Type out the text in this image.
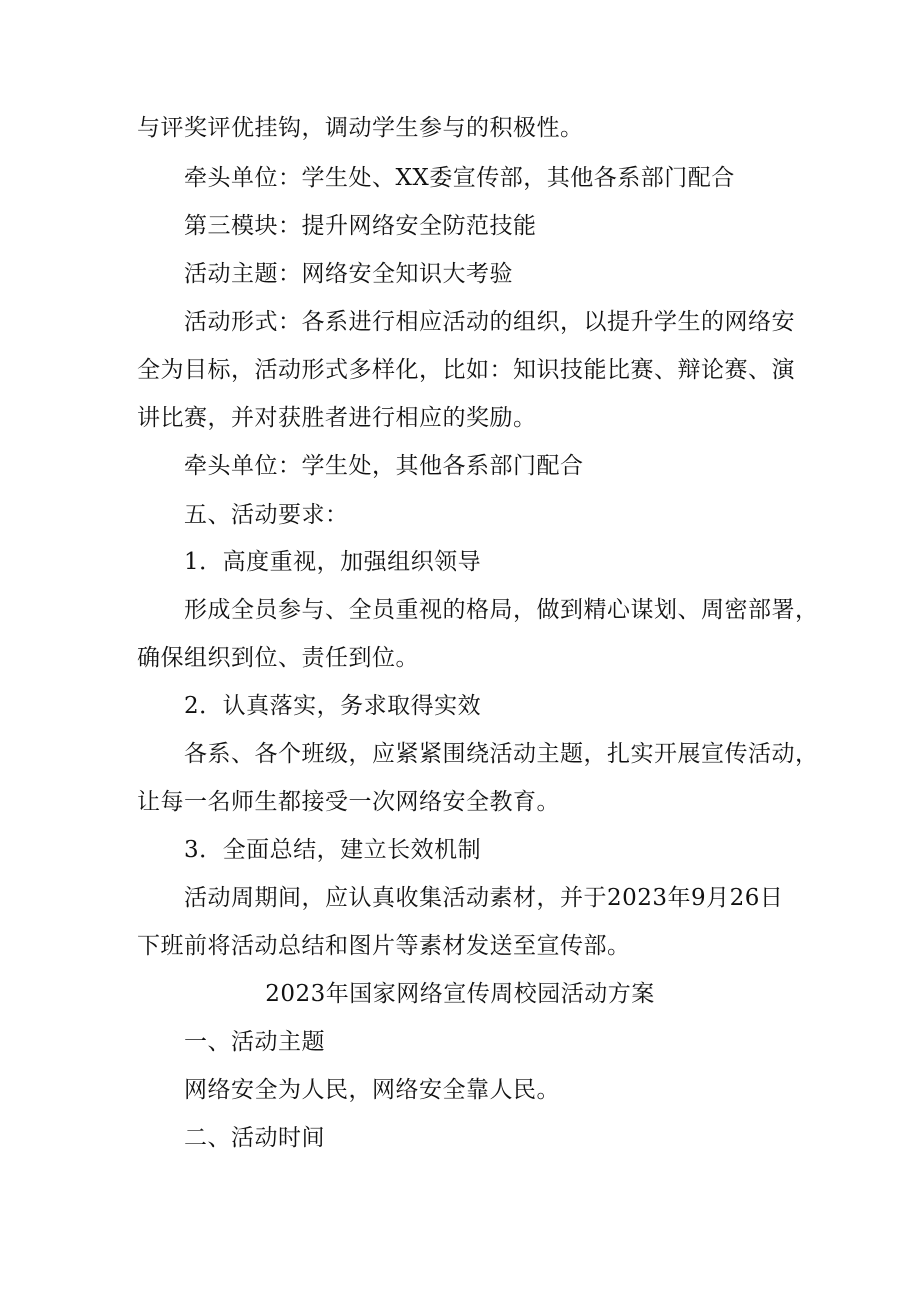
与评奖评优挂钩，调动学生参与的积极性。
牵头单位：学生处、XX委宣传部，其他各系部门配合
第三模块：提升网络安全防范技能
活动主题：网络安全知识大考验
活动形式：各系进行相应活动的组织，以提升学生的网络安
全为目标，活动形式多样化，比如：知识技能比赛、辩论赛、演
讲比赛，并对获胜者进行相应的奖励。
牵头单位：学生处，其他各系部门配合
五、活动要求：
1．高度重视，加强组织领导
形成全员参与、全员重视的格局，做到精心谋划、周密部署，
确保组织到位、责任到位。
2．认真落实，务求取得实效
各系、各个班级，应紧紧围绕活动主题，扎实开展宣传活动，
让每一名师生都接受一次网络安全教育。
3．全面总结，建立长效机制
活动周期间，应认真收集活动素材，并于2023年9月26日
下班前将活动总结和图片等素材发送至宣传部。
2023年国家网络宣传周校园活动方案
一、活动主题
网络安全为人民，网络安全靠人民。
二、活动时间
